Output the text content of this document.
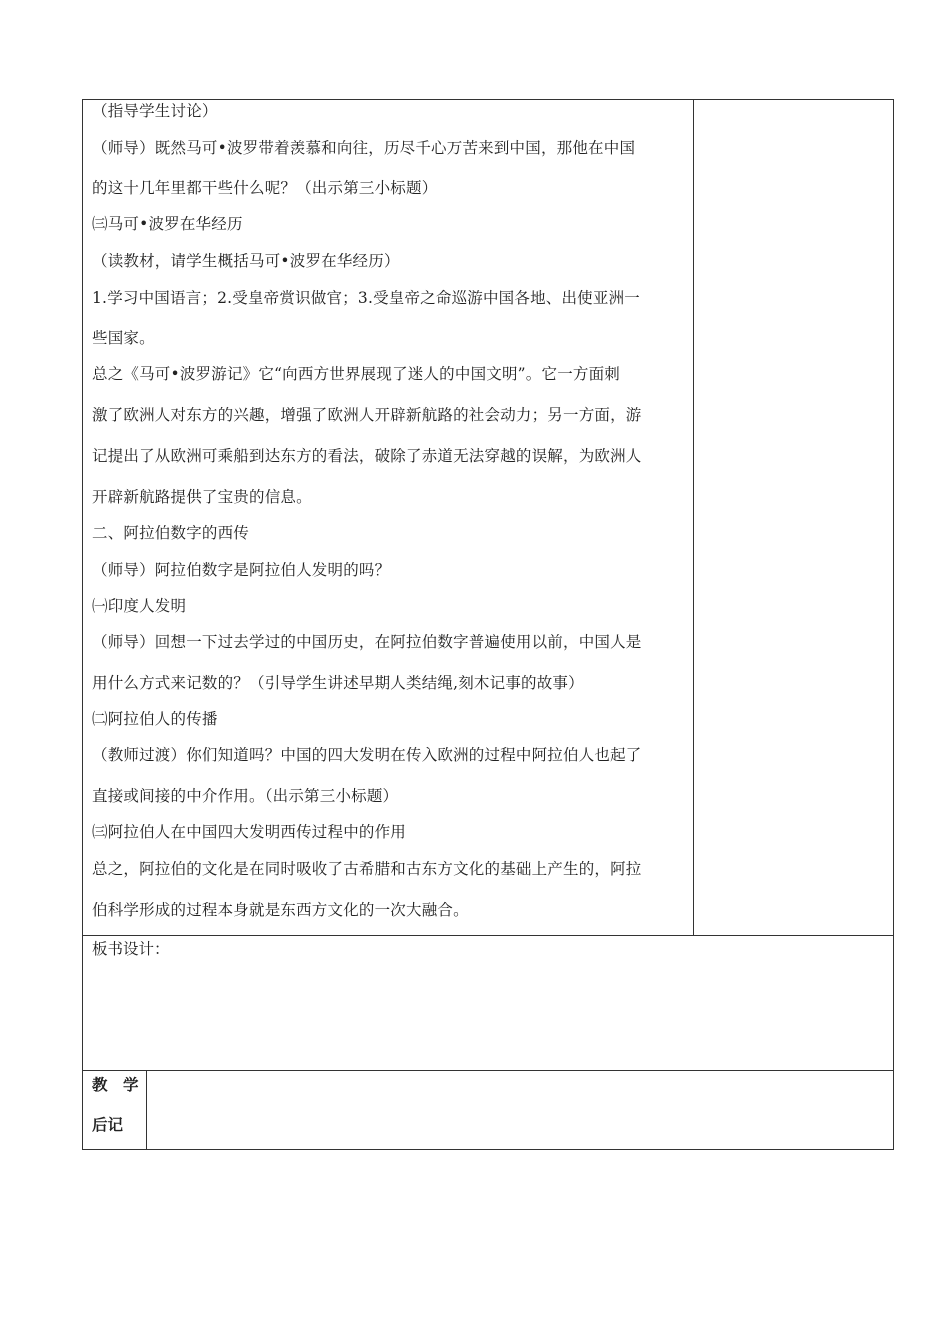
（指导学生讨论）
（师导）既然马可•波罗带着羡慕和向往，历尽千心万苦来到中国，那他在中国
的这十几年里都干些什么呢？（出示第三小标题）
㈢马可•波罗在华经历
（读教材，请学生概括马可•波罗在华经历）
1.学习中国语言；2.受皇帝赏识做官；3.受皇帝之命巡游中国各地、出使亚洲一
些国家。
总之《马可•波罗游记》它“向西方世界展现了迷人的中国文明”。它一方面刺
激了欧洲人对东方的兴趣，增强了欧洲人开辟新航路的社会动力；另一方面，游
记提出了从欧洲可乘船到达东方的看法，破除了赤道无法穿越的误解，为欧洲人
开辟新航路提供了宝贵的信息。
二、阿拉伯数字的西传
（师导）阿拉伯数字是阿拉伯人发明的吗？
㈠印度人发明
（师导）回想一下过去学过的中国历史，在阿拉伯数字普遍使用以前，中国人是
用什么方式来记数的？（引导学生讲述早期人类结绳,刻木记事的故事）
㈡阿拉伯人的传播
（教师过渡）你们知道吗？中国的四大发明在传入欧洲的过程中阿拉伯人也起了
直接或间接的中介作用。（出示第三小标题）
㈢阿拉伯人在中国四大发明西传过程中的作用
总之，阿拉伯的文化是在同时吸收了古希腊和古东方文化的基础上产生的，阿拉
伯科学形成的过程本身就是东西方文化的一次大融合。
板书设计：
教　学
后记
